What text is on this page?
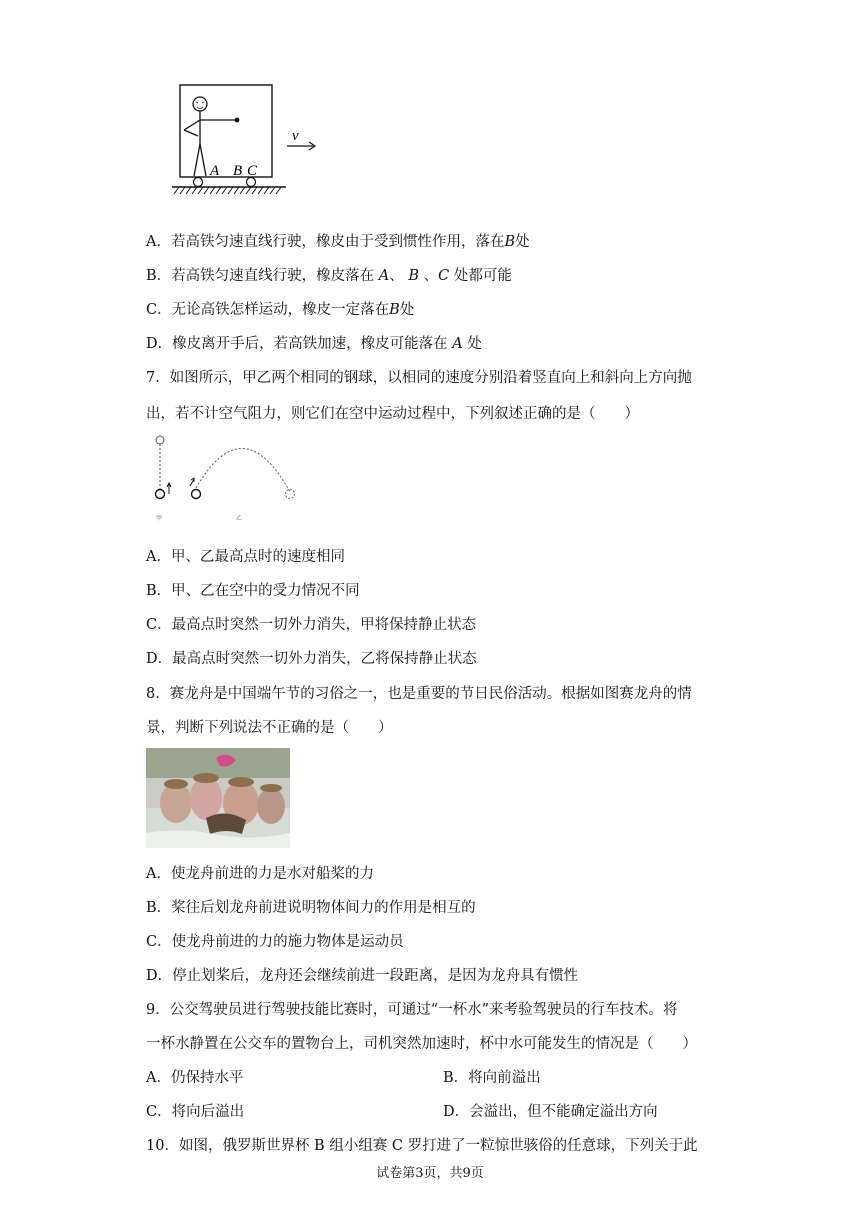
A B C
v
A．若高铁匀速直线行驶，橡皮由于受到惯性作用，落在B处
B．若高铁匀速直线行驶，橡皮落在 A、 B 、C 处都可能
C．无论高铁怎样运动，橡皮一定落在B处
D．橡皮离开手后，若高铁加速，橡皮可能落在 A 处
7．如图所示，甲乙两个相同的钢球，以相同的速度分别沿着竖直向上和斜向上方向抛
出，若不计空气阻力，则它们在空中运动过程中，下列叙述正确的是（　　）
甲	乙
A．甲、乙最高点时的速度相同
B．甲、乙在空中的受力情况不同
C．最高点时突然一切外力消失，甲将保持静止状态
D．最高点时突然一切外力消失，乙将保持静止状态
8．赛龙舟是中国端午节的习俗之一，也是重要的节日民俗活动。根据如图赛龙舟的情
景，判断下列说法不正确的是（　　）
A．使龙舟前进的力是水对船桨的力
B．桨往后划龙舟前进说明物体间力的作用是相互的
C．使龙舟前进的力的施力物体是运动员
D．停止划桨后，龙舟还会继续前进一段距离，是因为龙舟具有惯性
9．公交驾驶员进行驾驶技能比赛时，可通过“一杯水”来考验驾驶员的行车技术。将
一杯水静置在公交车的置物台上，司机突然加速时，杯中水可能发生的情况是（　　）
A．仍保持水平	B．将向前溢出
C．将向后溢出	D．会溢出，但不能确定溢出方向
10．如图，俄罗斯世界杯 B 组小组赛 C 罗打进了一粒惊世骇俗的任意球，下列关于此
试卷第3页，共9页
